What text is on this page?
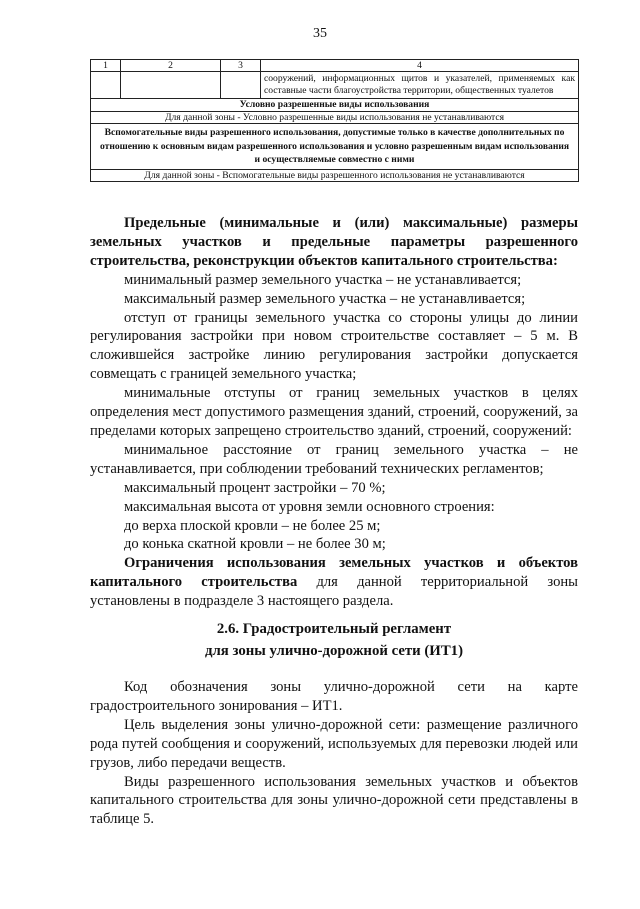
35
1	2	3	4
			сооружений, информационных щитов и указателей, применяемых как составные части благоустройства территории, общественных туалетов
Условно разрешенные виды использования			
Для данной зоны - Условно разрешенные виды использования не устанавливаются			
Вспомогательные виды разрешенного использования, допустимые только в качестве дополнительных по отношению к основным видам разрешенного использования и условно разрешенным видам использования и осуществляемые совместно с ними			
Для данной зоны - Вспомогательные виды разрешенного использования не устанавливаются			

Предельные (минимальные и (или) максимальные) размеры земельных участков и предельные параметры разрешенного строительства, реконструкции объектов капитального строительства:

минимальный размер земельного участка – не устанавливается;

максимальный размер земельного участка – не устанавливается;

отступ от границы земельного участка со стороны улицы до линии регулирования застройки при новом строительстве составляет – 5 м. В сложившейся застройке линию регулирования застройки допускается совмещать с границей земельного участка;

минимальные отступы от границ земельных участков в целях определения мест допустимого размещения зданий, строений, сооружений, за пределами которых запрещено строительство зданий, строений, сооружений:

минимальное расстояние от границ земельного участка – не устанавливается, при соблюдении требований технических регламентов;

максимальный процент застройки – 70 %;

максимальная высота от уровня земли основного строения:

до верха плоской кровли – не более 25 м;

до конька скатной кровли – не более 30 м;

Ограничения использования земельных участков и объектов капитального строительства для данной территориальной зоны установлены в подразделе 3 настоящего раздела.

2.6. Градостроительный регламент
для зоны улично-дорожной сети (ИТ1)

Код обозначения зоны улично-дорожной сети на карте градостроительного зонирования – ИТ1.

Цель выделения зоны улично-дорожной сети: размещение различного рода путей сообщения и сооружений, используемых для перевозки людей или грузов, либо передачи веществ.

Виды разрешенного использования земельных участков и объектов капитального строительства для зоны улично-дорожной сети представлены в таблице 5.
